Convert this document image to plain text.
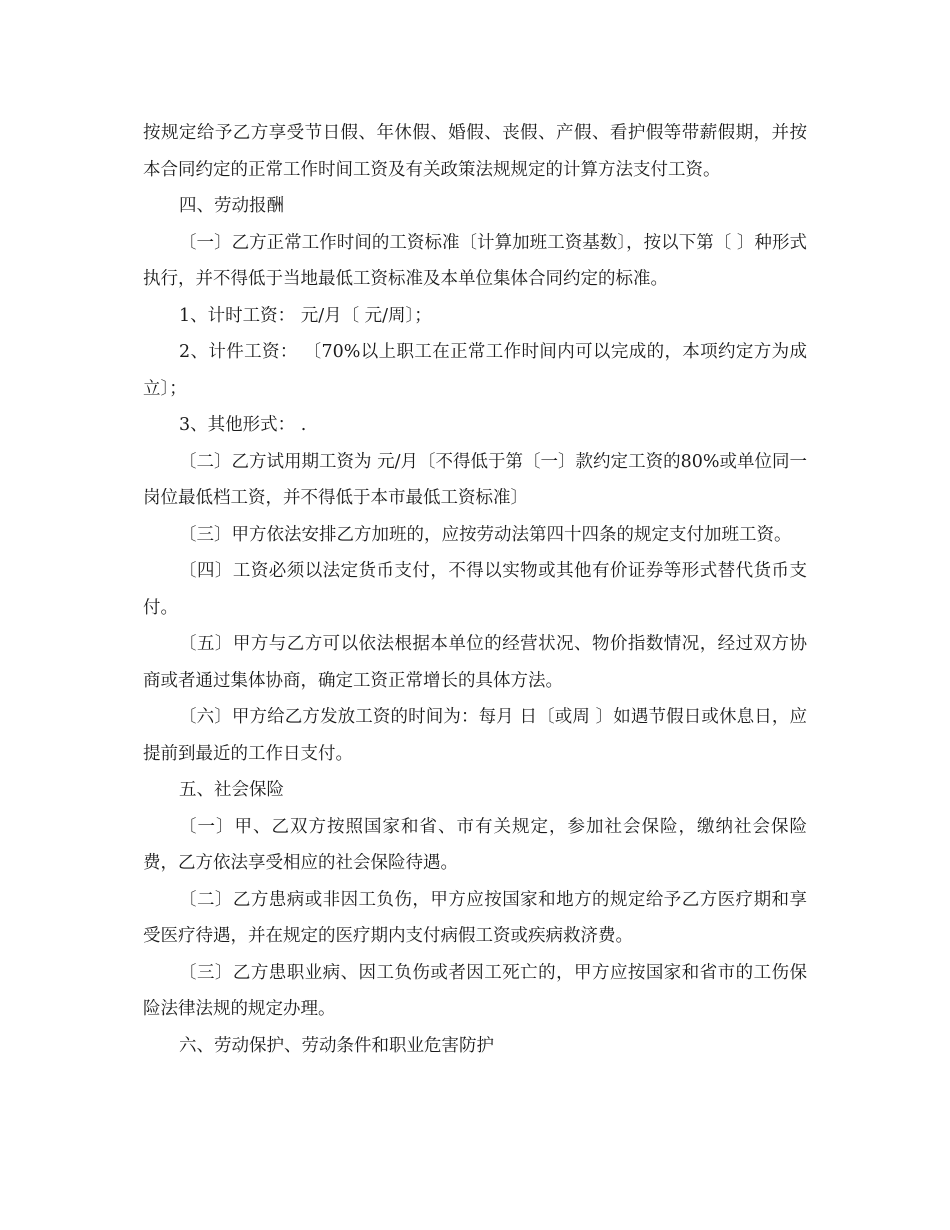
按规定给予乙方享受节日假、年休假、婚假、丧假、产假、看护假等带薪假期，并按本合同约定的正常工作时间工资及有关政策法规规定的计算方法支付工资。

四、劳动报酬

〔一〕乙方正常工作时间的工资标准〔计算加班工资基数〕，按以下第〔 〕种形式执行，并不得低于当地最低工资标准及本单位集体合同约定的标准。

1、计时工资： 元/月〔 元/周〕；

2、计件工资： 〔70%以上职工在正常工作时间内可以完成的，本项约定方为成立〕；

3、其他形式： .

〔二〕乙方试用期工资为 元/月〔不得低于第〔一〕款约定工资的80%或单位同一岗位最低档工资，并不得低于本市最低工资标准〕

〔三〕甲方依法安排乙方加班的，应按劳动法第四十四条的规定支付加班工资。

〔四〕工资必须以法定货币支付，不得以实物或其他有价证券等形式替代货币支付。

〔五〕甲方与乙方可以依法根据本单位的经营状况、物价指数情况，经过双方协商或者通过集体协商，确定工资正常增长的具体方法。

〔六〕甲方给乙方发放工资的时间为：每月 日〔或周 〕如遇节假日或休息日，应提前到最近的工作日支付。

五、社会保险

〔一〕甲、乙双方按照国家和省、市有关规定，参加社会保险，缴纳社会保险费，乙方依法享受相应的社会保险待遇。

〔二〕乙方患病或非因工负伤，甲方应按国家和地方的规定给予乙方医疗期和享受医疗待遇，并在规定的医疗期内支付病假工资或疾病救济费。

〔三〕乙方患职业病、因工负伤或者因工死亡的，甲方应按国家和省市的工伤保险法律法规的规定办理。

六、劳动保护、劳动条件和职业危害防护
